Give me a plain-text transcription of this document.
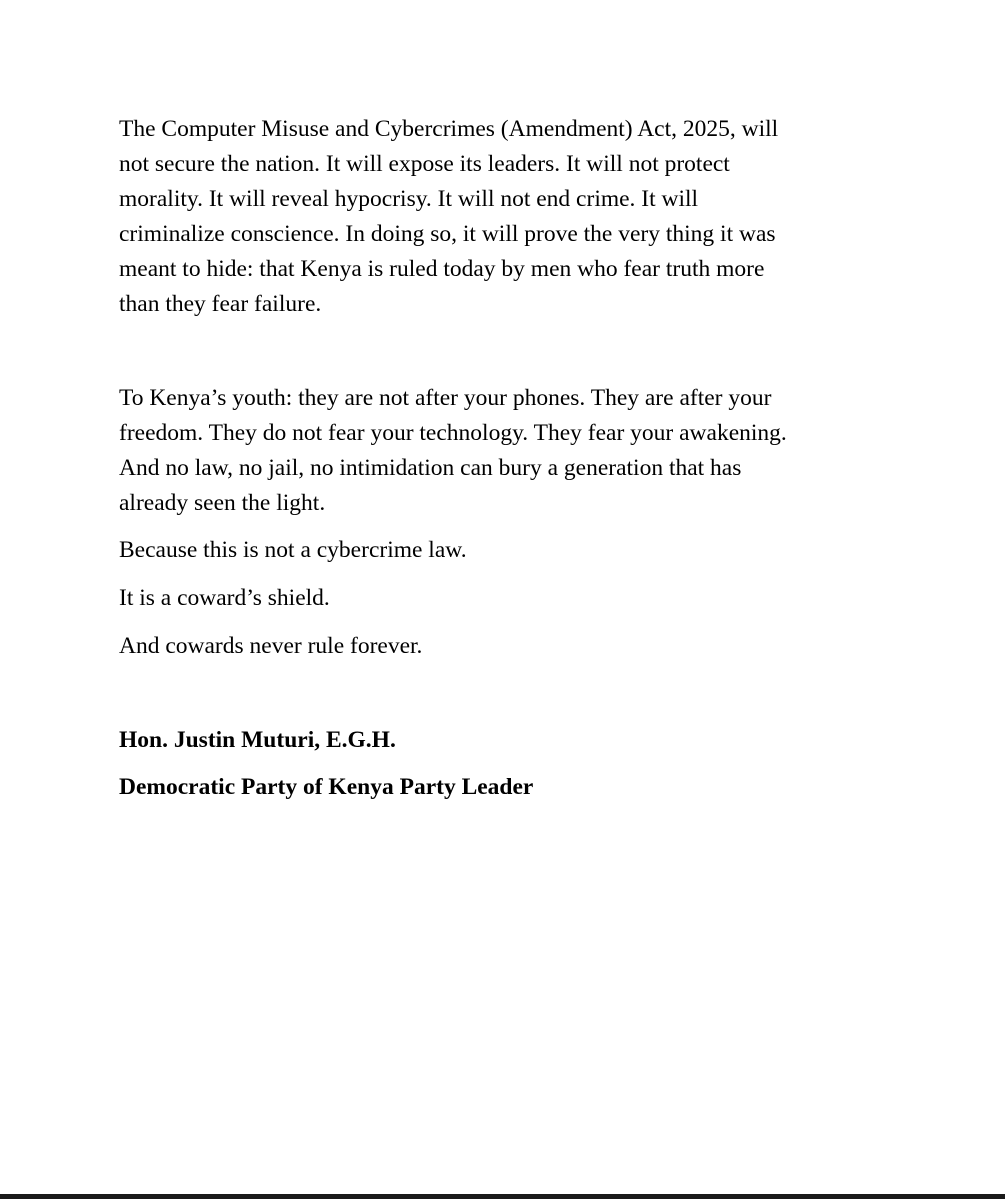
The Computer Misuse and Cybercrimes (Amendment) Act, 2025, will
not secure the nation. It will expose its leaders. It will not protect
morality. It will reveal hypocrisy. It will not end crime. It will
criminalize conscience. In doing so, it will prove the very thing it was
meant to hide: that Kenya is ruled today by men who fear truth more
than they fear failure.

To Kenya’s youth: they are not after your phones. They are after your
freedom. They do not fear your technology. They fear your awakening.
And no law, no jail, no intimidation can bury a generation that has
already seen the light.

Because this is not a cybercrime law.

It is a coward’s shield.

And cowards never rule forever.

Hon. Justin Muturi, E.G.H.

Democratic Party of Kenya Party Leader
